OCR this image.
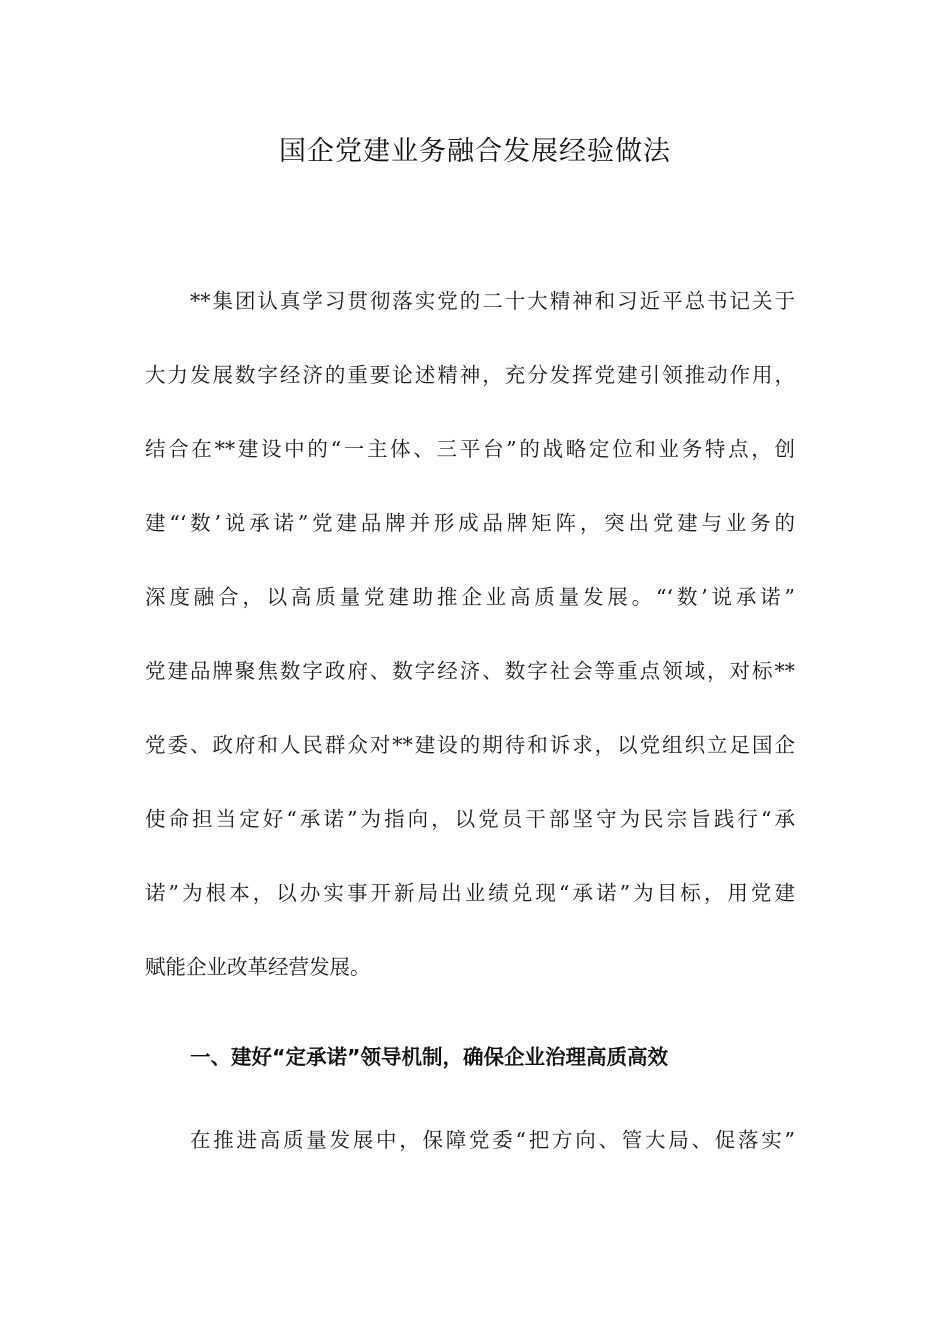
国企党建业务融合发展经验做法
**集团认真学习贯彻落实党的二十大精神和习近平总书记关于
大力发展数字经济的重要论述精神，充分发挥党建引领推动作用，
结合在**建设中的“一主体、三平台”的战略定位和业务特点，创
建“‘数’说承诺”党建品牌并形成品牌矩阵，突出党建与业务的
深度融合，以高质量党建助推企业高质量发展。“‘数’说承诺”
党建品牌聚焦数字政府、数字经济、数字社会等重点领域，对标**
党委、政府和人民群众对**建设的期待和诉求，以党组织立足国企
使命担当定好“承诺”为指向，以党员干部坚守为民宗旨践行“承
诺”为根本，以办实事开新局出业绩兑现“承诺”为目标，用党建
赋能企业改革经营发展。
一、建好“定承诺”领导机制，确保企业治理高质高效
在推进高质量发展中，保障党委“把方向、管大局、促落实”
